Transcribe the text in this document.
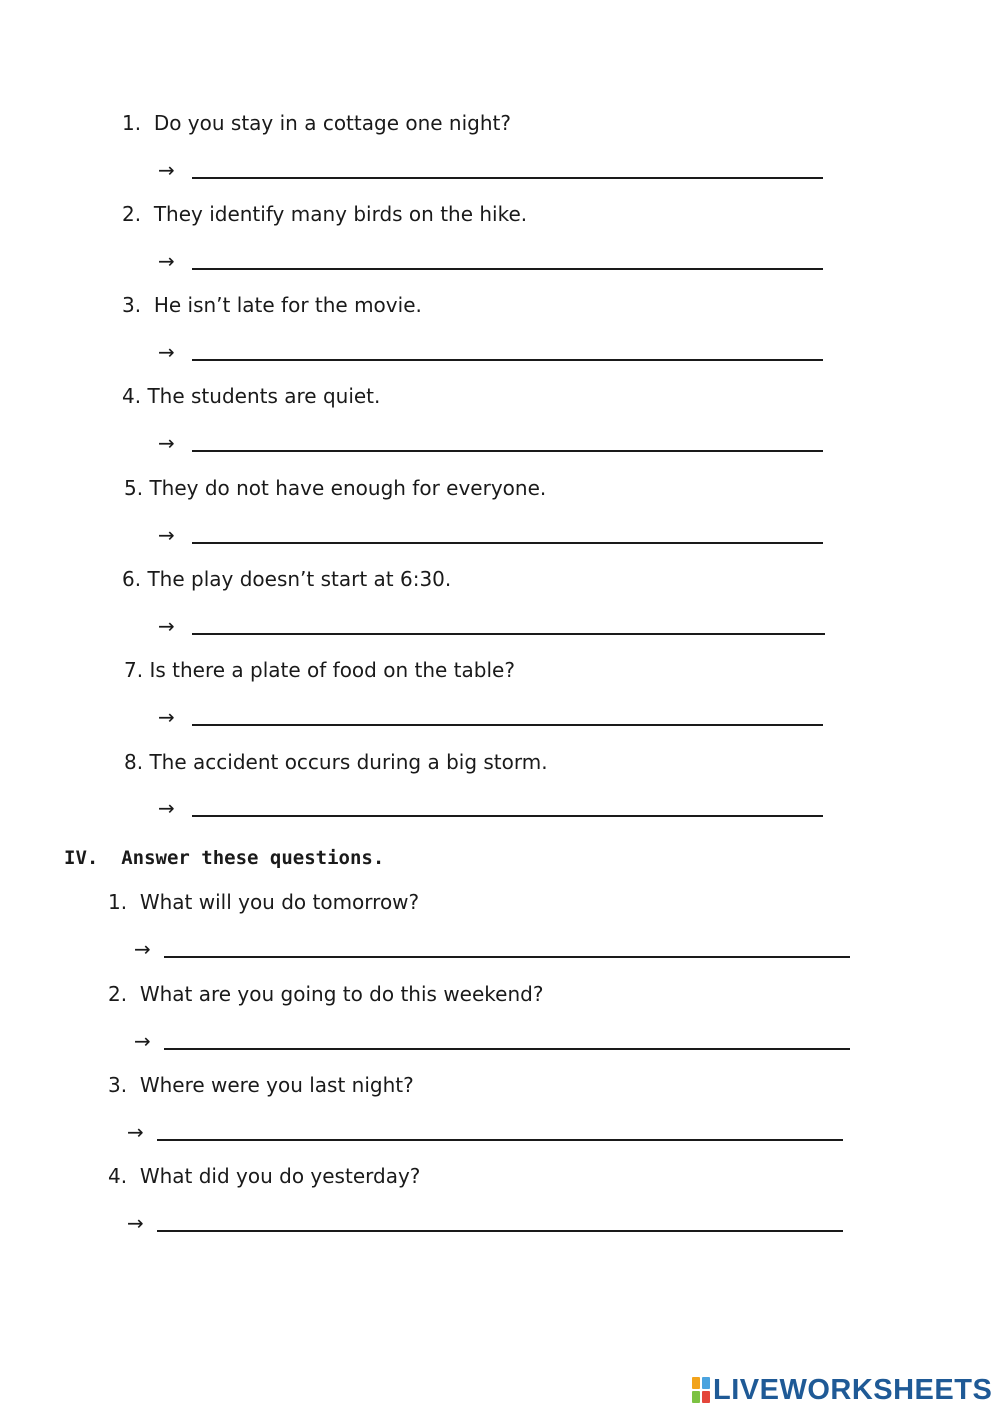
1. Do you stay in a cottage one night?
→
2. They identify many birds on the hike.
→
3. He isn’t late for the movie.
→
4. The students are quiet.
→
5. They do not have enough for everyone.
→
6. The play doesn’t start at 6:30.
→
7. Is there a plate of food on the table?
→
8. The accident occurs during a big storm.
→
IV.  Answer these questions.
1. What will you do tomorrow?
→
2. What are you going to do this weekend?
→
3. Where were you last night?
→
4. What did you do yesterday?
→
LIVEWORKSHEETS
